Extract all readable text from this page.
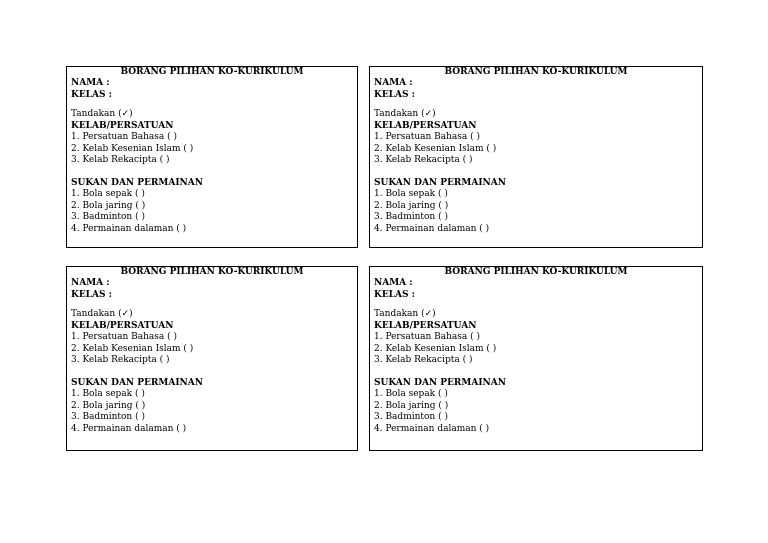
BORANG PILIHAN KO-KURIKULUM
NAMA :
KELAS :
Tandakan (✓)
KELAB/PERSATUAN
1. Persatuan Bahasa ( )
2. Kelab Kesenian Islam ( )
3. Kelab Rekacipta ( )
SUKAN DAN PERMAINAN
1. Bola sepak ( )
2. Bola jaring ( )
3. Badminton ( )
4. Permainan dalaman ( )
BORANG PILIHAN KO-KURIKULUM
NAMA :
KELAS :
Tandakan (✓)
KELAB/PERSATUAN
1. Persatuan Bahasa ( )
2. Kelab Kesenian Islam ( )
3. Kelab Rekacipta ( )
SUKAN DAN PERMAINAN
1. Bola sepak ( )
2. Bola jaring ( )
3. Badminton ( )
4. Permainan dalaman ( )
BORANG PILIHAN KO-KURIKULUM
NAMA :
KELAS :
Tandakan (✓)
KELAB/PERSATUAN
1. Persatuan Bahasa ( )
2. Kelab Kesenian Islam ( )
3. Kelab Rekacipta ( )
SUKAN DAN PERMAINAN
1. Bola sepak ( )
2. Bola jaring ( )
3. Badminton ( )
4. Permainan dalaman ( )
BORANG PILIHAN KO-KURIKULUM
NAMA :
KELAS :
Tandakan (✓)
KELAB/PERSATUAN
1. Persatuan Bahasa ( )
2. Kelab Kesenian Islam ( )
3. Kelab Rekacipta ( )
SUKAN DAN PERMAINAN
1. Bola sepak ( )
2. Bola jaring ( )
3. Badminton ( )
4. Permainan dalaman ( )
